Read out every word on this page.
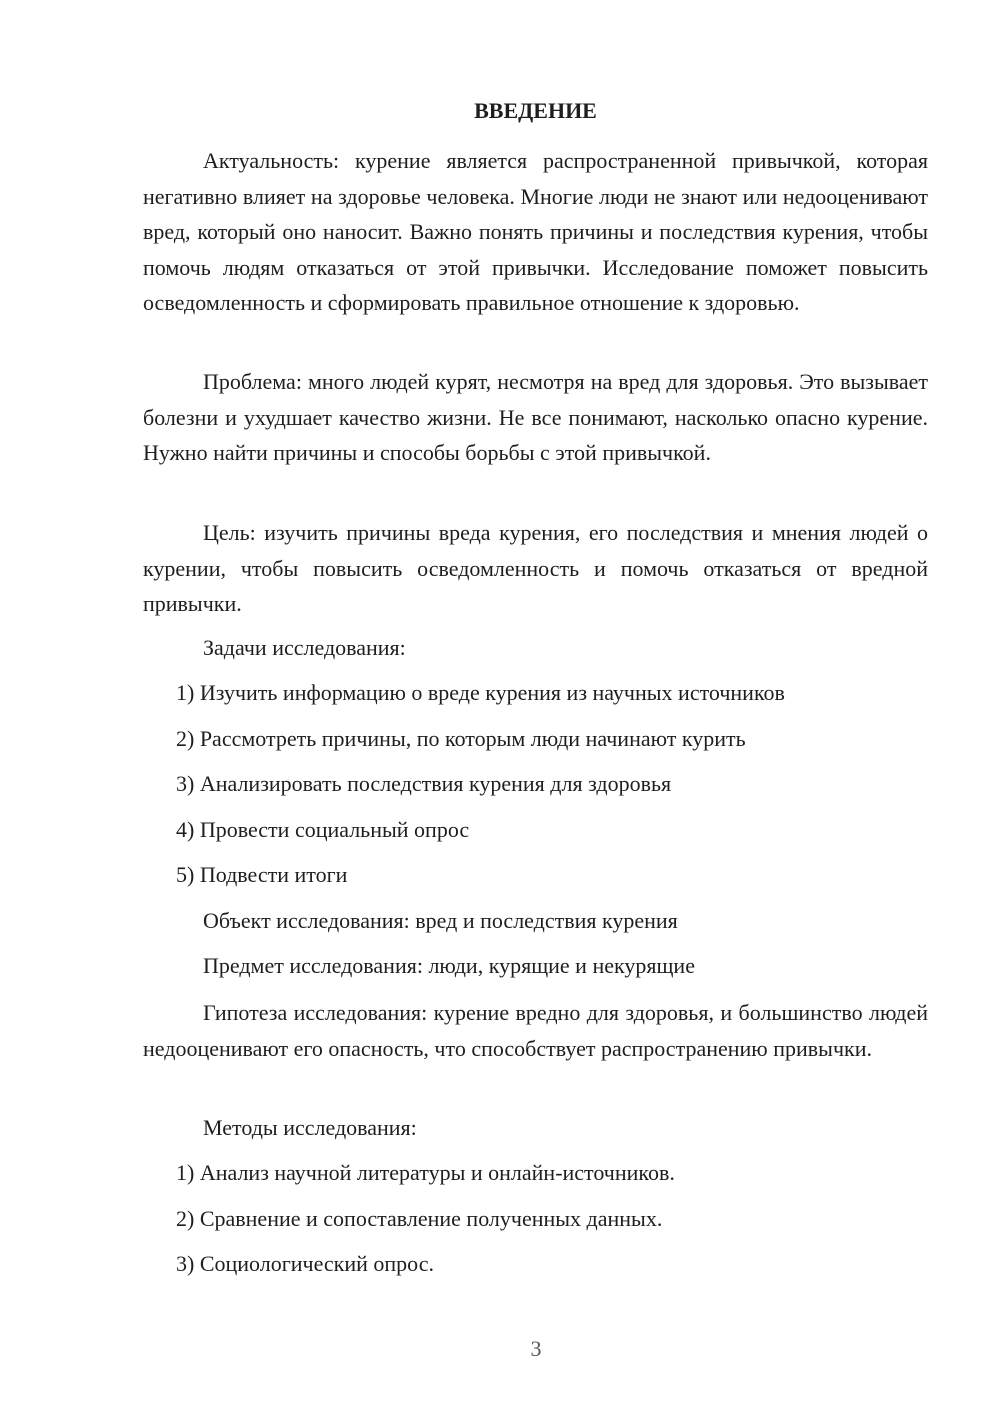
ВВЕДЕНИЕ

Актуальность: курение является распространенной привычкой, которая негативно влияет на здоровье человека. Многие люди не знают или недооценивают вред, который оно наносит. Важно понять причины и последствия курения, чтобы помочь людям отказаться от этой привычки. Исследование поможет повысить осведомленность и сформировать правильное отношение к здоровью.

Проблема: много людей курят, несмотря на вред для здоровья. Это вызывает болезни и ухудшает качество жизни. Не все понимают, насколько опасно курение. Нужно найти причины и способы борьбы с этой привычкой.

Цель: изучить причины вреда курения, его последствия и мнения людей о курении, чтобы повысить осведомленность и помочь отказаться от вредной привычки.

Задачи исследования:

1) Изучить информацию о вреде курения из научных источников

2) Рассмотреть причины, по которым люди начинают курить

3) Анализировать последствия курения для здоровья

4) Провести социальный опрос

5) Подвести итоги

Объект исследования: вред и последствия курения

Предмет исследования: люди, курящие и некурящие

Гипотеза исследования: курение вредно для здоровья, и большинство людей недооценивают его опасность, что способствует распространению привычки.

Методы исследования:

1) Анализ научной литературы и онлайн-источников.

2) Сравнение и сопоставление полученных данных.

3) Социологический опрос.

3
